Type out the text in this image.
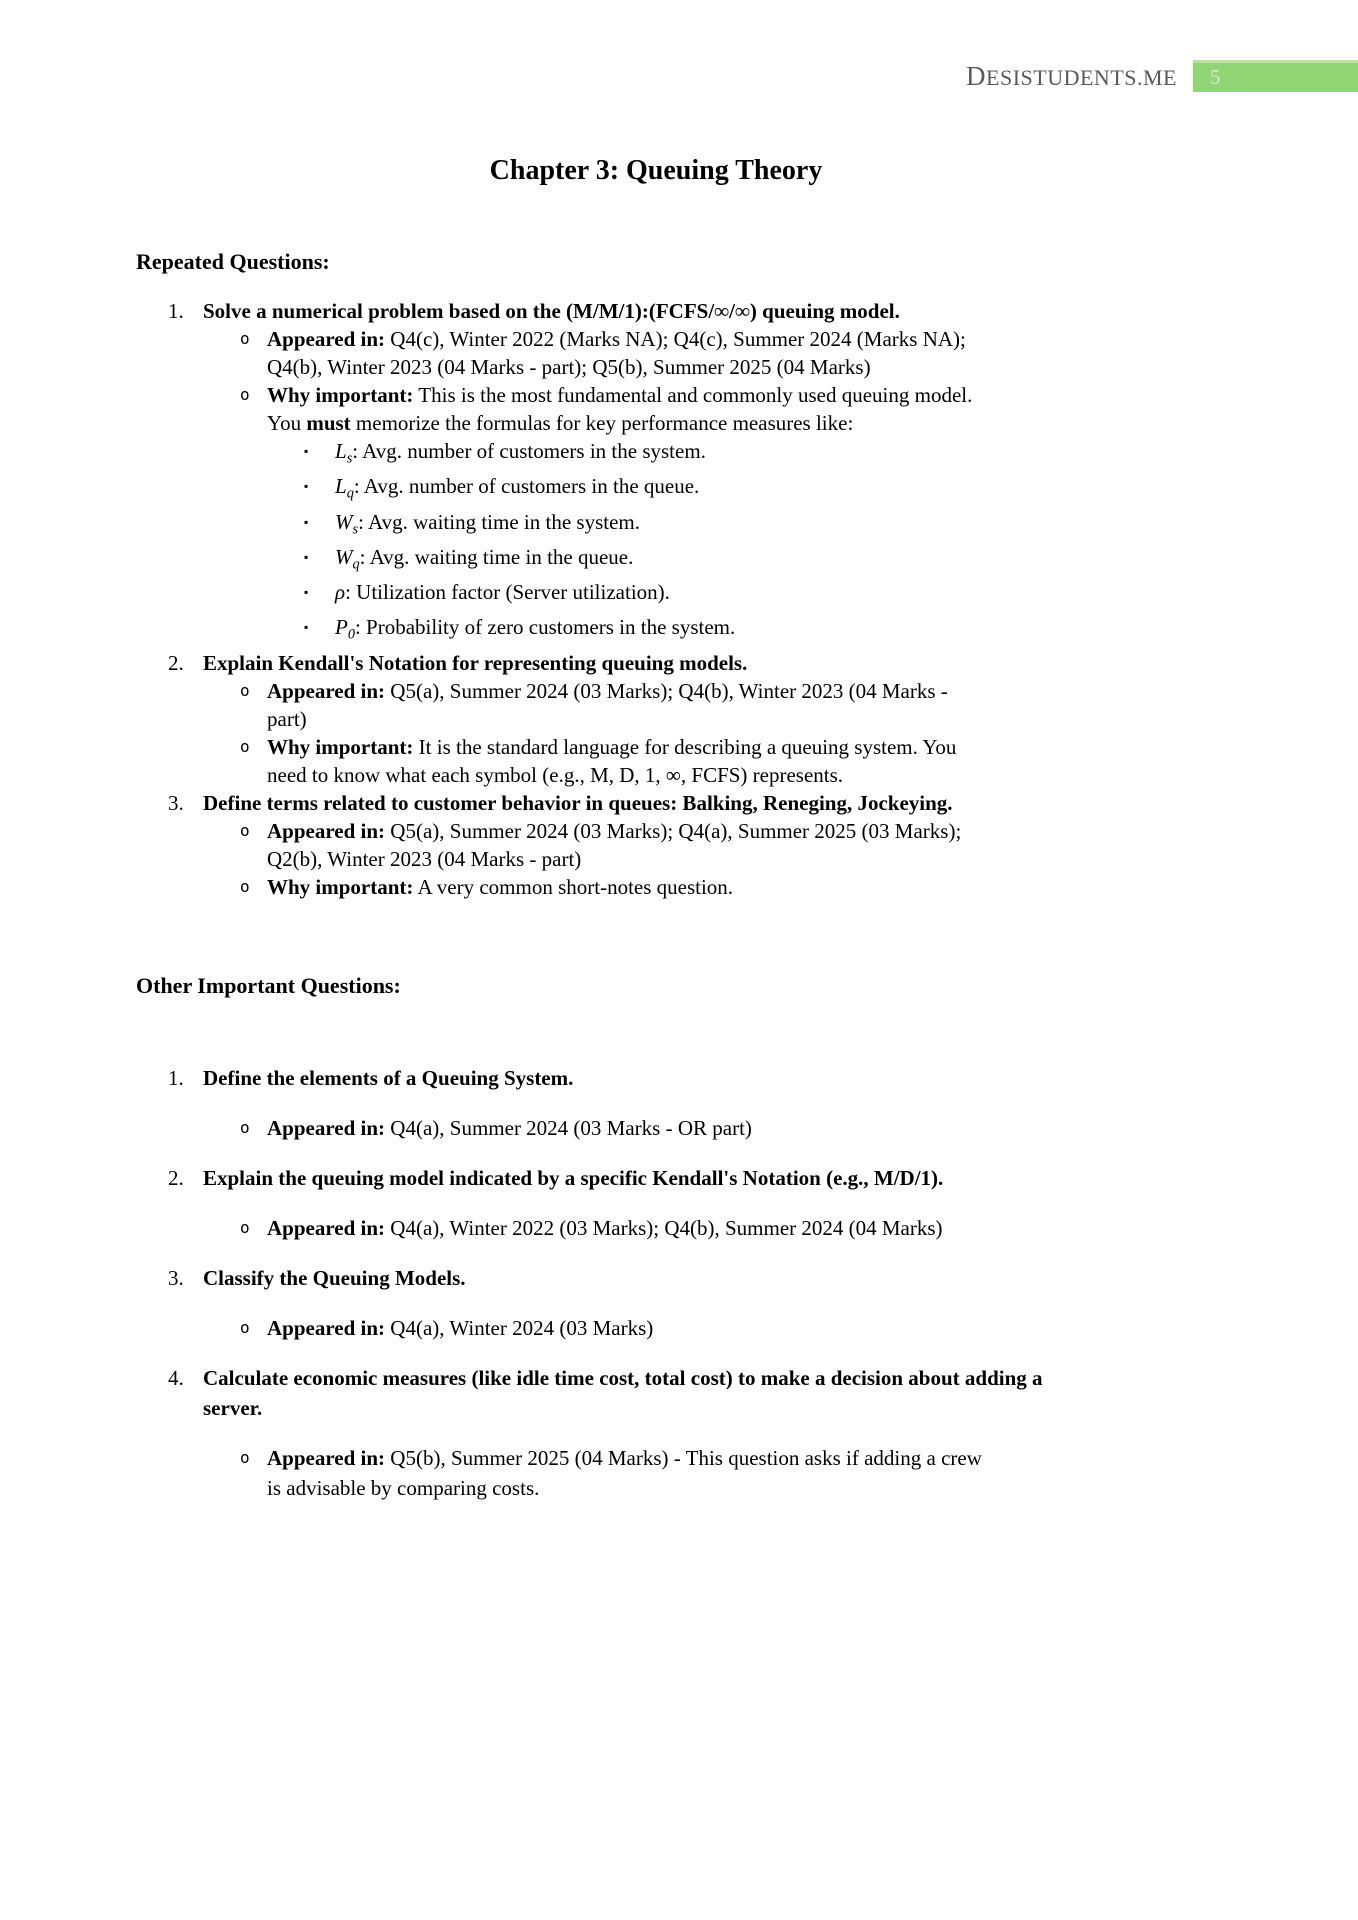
DESISTUDENTS.ME	5
Chapter 3: Queuing Theory
Repeated Questions:
1. Solve a numerical problem based on the (M/M/1):(FCFS/∞/∞) queuing model.

o Appeared in: Q4(c), Winter 2022 (Marks NA); Q4(c), Summer 2024 (Marks NA); Q4(b), Winter 2023 (04 Marks - part); Q5(b), Summer 2025 (04 Marks)

o Why important: This is the most fundamental and commonly used queuing model. You must memorize the formulas for key performance measures like:

▪	$L_s$: Avg. number of customers in the system.

▪	$L_q$: Avg. number of customers in the queue.

▪	$W_s$: Avg. waiting time in the system.

▪	$W_q$: Avg. waiting time in the queue.

▪	ρ: Utilization factor (Server utilization).

▪	$P_0$: Probability of zero customers in the system.

2. Explain Kendall's Notation for representing queuing models.

o Appeared in: Q5(a), Summer 2024 (03 Marks); Q4(b), Winter 2023 (04 Marks - part)

o Why important: It is the standard language for describing a queuing system. You need to know what each symbol (e.g., M, D, 1, ∞, FCFS) represents.

3. Define terms related to customer behavior in queues: Balking, Reneging, Jockeying.

o Appeared in: Q5(a), Summer 2024 (03 Marks); Q4(a), Summer 2025 (03 Marks); Q2(b), Winter 2023 (04 Marks - part)

o Why important: A very common short-notes question.

Other Important Questions:
1. Define the elements of a Queuing System.

o Appeared in: Q4(a), Summer 2024 (03 Marks - OR part)

2. Explain the queuing model indicated by a specific Kendall's Notation (e.g., M/D/1).

o Appeared in: Q4(a), Winter 2022 (03 Marks); Q4(b), Summer 2024 (04 Marks)

3. Classify the Queuing Models.

o Appeared in: Q4(a), Winter 2024 (03 Marks)

4. Calculate economic measures (like idle time cost, total cost) to make a decision about adding a server.

o Appeared in: Q5(b), Summer 2025 (04 Marks) - This question asks if adding a crew is advisable by comparing costs.
